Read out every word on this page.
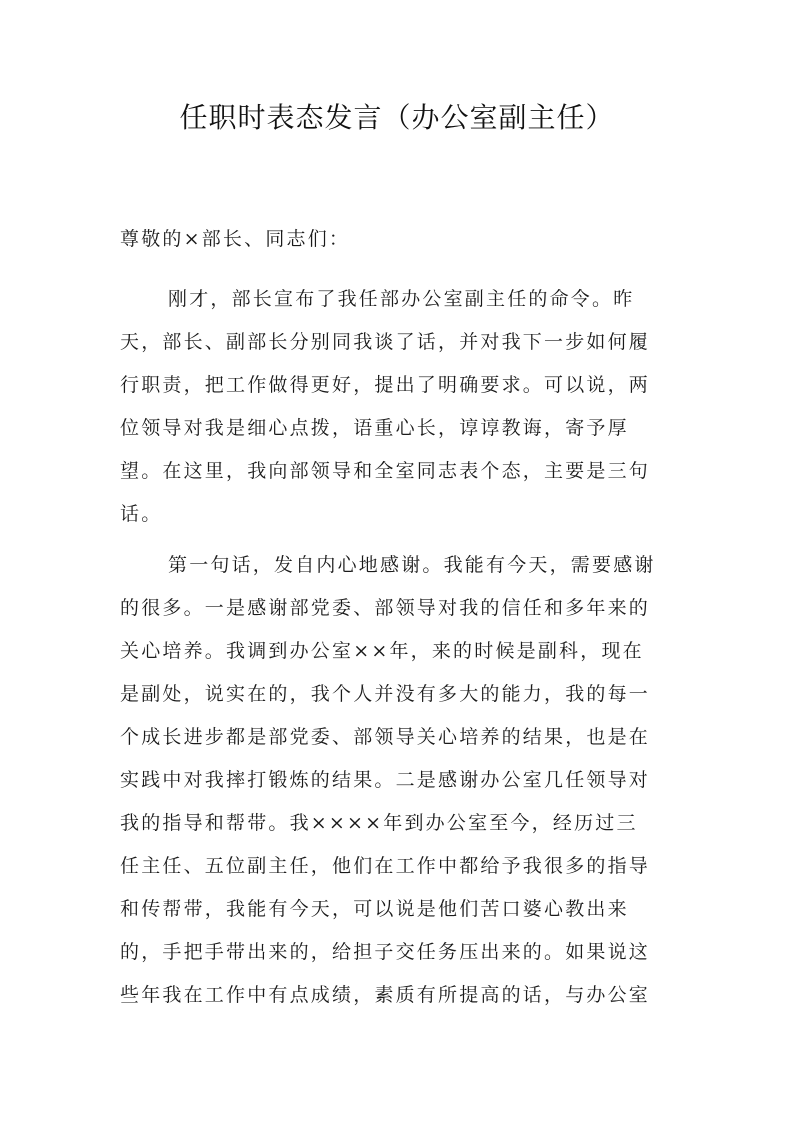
任职时表态发言（办公室副主任）
尊敬的×部长、同志们：
刚才，部长宣布了我任部办公室副主任的命令。昨
天，部长、副部长分别同我谈了话，并对我下一步如何履
行职责，把工作做得更好，提出了明确要求。可以说，两
位领导对我是细心点拨，语重心长，谆谆教诲，寄予厚
望。在这里，我向部领导和全室同志表个态，主要是三句
话。
第一句话，发自内心地感谢。我能有今天，需要感谢
的很多。一是感谢部党委、部领导对我的信任和多年来的
关心培养。我调到办公室××年，来的时候是副科，现在
是副处，说实在的，我个人并没有多大的能力，我的每一
个成长进步都是部党委、部领导关心培养的结果，也是在
实践中对我摔打锻炼的结果。二是感谢办公室几任领导对
我的指导和帮带。我××××年到办公室至今，经历过三
任主任、五位副主任，他们在工作中都给予我很多的指导
和传帮带，我能有今天，可以说是他们苦口婆心教出来
的，手把手带出来的，给担子交任务压出来的。如果说这
些年我在工作中有点成绩，素质有所提高的话，与办公室
